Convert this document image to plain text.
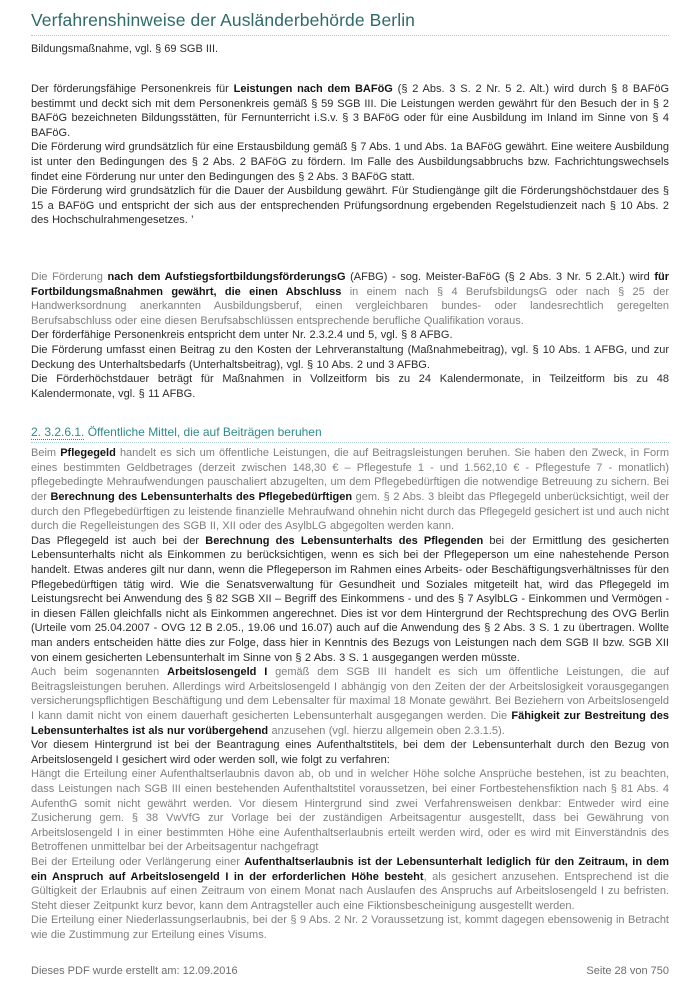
Verfahrenshinweise der Ausländerbehörde Berlin

Bildungsmaßnahme, vgl. § 69 SGB III.

Der förderungsfähige Personenkreis für Leistungen nach dem BAFöG (§ 2 Abs. 3 S. 2 Nr. 5 2. Alt.) wird durch § 8 BAFöG bestimmt und deckt sich mit dem Personenkreis gemäß § 59 SGB III. Die Leistungen werden gewährt für den Besuch der in § 2 BAFöG bezeichneten Bildungsstätten, für Fernunterricht i.S.v. § 3 BAFöG oder für eine Ausbildung im Inland im Sinne von § 4 BAFöG.

Die Förderung wird grundsätzlich für eine Erstausbildung gemäß § 7 Abs. 1 und Abs. 1a BAFöG gewährt. Eine weitere Ausbildung ist unter den Bedingungen des § 2 Abs. 2 BAFöG zu fördern. Im Falle des Ausbildungsabbruchs bzw. Fachrichtungswechsels findet eine Förderung nur unter den Bedingungen des § 2 Abs. 3 BAFöG statt.

Die Förderung wird grundsätzlich für die Dauer der Ausbildung gewährt. Für Studiengänge gilt die Förderungshöchstdauer des § 15 a BAFöG und entspricht der sich aus der entsprechenden Prüfungsordnung ergebenden Regelstudienzeit nach § 10 Abs. 2 des Hochschulrahmengesetzes. ’

Die Förderung nach dem AufstiegsfortbildungsförderungsG (AFBG) - sog. Meister-BaFöG (§ 2 Abs. 3 Nr. 5 2.Alt.) wird für Fortbildungsmaßnahmen gewährt, die einen Abschluss in einem nach § 4 BerufsbildungsG oder nach § 25 der Handwerksordnung anerkannten Ausbildungsberuf, einen vergleichbaren bundes- oder landesrechtlich geregelten Berufsabschluss oder eine diesen Berufsabschlüssen entsprechende berufliche Qualifikation voraus.

Der förderfähige Personenkreis entspricht dem unter Nr. 2.3.2.4 und 5, vgl. § 8 AFBG.

Die Förderung umfasst einen Beitrag zu den Kosten der Lehrveranstaltung (Maßnahmebeitrag), vgl. § 10 Abs. 1 AFBG, und zur Deckung des Unterhaltsbedarfs (Unterhaltsbeitrag), vgl. § 10 Abs. 2 und 3 AFBG.

Die Förderhöchstdauer beträgt für Maßnahmen in Vollzeitform bis zu 24 Kalendermonate, in Teilzeitform bis zu 48 Kalendermonate, vgl. § 11 AFBG.

2. 3.2.6.1. Öffentliche Mittel, die auf Beiträgen beruhen

Beim Pflegegeld handelt es sich um öffentliche Leistungen, die auf Beitragsleistungen beruhen. Sie haben den Zweck, in Form eines bestimmten Geldbetrages (derzeit zwischen 148,30 € – Pflegestufe 1 - und 1.562,10 € - Pflegestufe 7 - monatlich) pflegebedingte Mehraufwendungen pauschaliert abzugelten, um dem Pflegebedürftigen die notwendige Betreuung zu sichern. Bei der Berechnung des Lebensunterhalts des Pflegebedürftigen gem. § 2 Abs. 3 bleibt das Pflegegeld unberücksichtigt, weil der durch den Pflegebedürftigen zu leistende finanzielle Mehraufwand ohnehin nicht durch das Pflegegeld gesichert ist und auch nicht durch die Regelleistungen des SGB II, XII oder des AsylbLG abgegolten werden kann.

Das Pflegegeld ist auch bei der Berechnung des Lebensunterhalts des Pflegenden bei der Ermittlung des gesicherten Lebensunterhalts nicht als Einkommen zu berücksichtigen, wenn es sich bei der Pflegeperson um eine nahestehende Person handelt. Etwas anderes gilt nur dann, wenn die Pflegeperson im Rahmen eines Arbeits- oder Beschäftigungsverhältnisses für den Pflegebedürftigen tätig wird. Wie die Senatsverwaltung für Gesundheit und Soziales mitgeteilt hat, wird das Pflegegeld im Leistungsrecht bei Anwendung des § 82 SGB XII – Begriff des Einkommens - und des § 7 AsylbLG - Einkommen und Vermögen - in diesen Fällen gleichfalls nicht als Einkommen angerechnet. Dies ist vor dem Hintergrund der Rechtsprechung des OVG Berlin (Urteile vom 25.04.2007 - OVG 12 B 2.05., 19.06 und 16.07) auch auf die Anwendung des § 2 Abs. 3 S. 1 zu übertragen. Wollte man anders entscheiden hätte dies zur Folge, dass hier in Kenntnis des Bezugs von Leistungen nach dem SGB II bzw. SGB XII von einem gesicherten Lebensunterhalt im Sinne von § 2 Abs. 3 S. 1 ausgegangen werden müsste.

Auch beim sogenannten Arbeitslosengeld I gemäß dem SGB III handelt es sich um öffentliche Leistungen, die auf Beitragsleistungen beruhen. Allerdings wird Arbeitslosengeld I abhängig von den Zeiten der der Arbeitslosigkeit vorausgegangen versicherungspflichtigen Beschäftigung und dem Lebensalter für maximal 18 Monate gewährt. Bei Beziehern von Arbeitslosengeld I kann damit nicht von einem dauerhaft gesicherten Lebensunterhalt ausgegangen werden. Die Fähigkeit zur Bestreitung des Lebensunterhaltes ist als nur vorübergehend anzusehen (vgl. hierzu allgemein oben 2.3.1.5).

Vor diesem Hintergrund ist bei der Beantragung eines Aufenthaltstitels, bei dem der Lebensunterhalt durch den Bezug von Arbeitslosengeld I gesichert wird oder werden soll, wie folgt zu verfahren:

Hängt die Erteilung einer Aufenthaltserlaubnis davon ab, ob und in welcher Höhe solche Ansprüche bestehen, ist zu beachten, dass Leistungen nach SGB III einen bestehenden Aufenthaltstitel voraussetzen, bei einer Fortbestehensfiktion nach § 81 Abs. 4 AufenthG somit nicht gewährt werden. Vor diesem Hintergrund sind zwei Verfahrensweisen denkbar: Entweder wird eine Zusicherung gem. § 38 VwVfG zur Vorlage bei der zuständigen Arbeitsagentur ausgestellt, dass bei Gewährung von Arbeitslosengeld I in einer bestimmten Höhe eine Aufenthaltserlaubnis erteilt werden wird, oder es wird mit Einverständnis des Betroffenen unmittelbar bei der Arbeitsagentur nachgefragt

Bei der Erteilung oder Verlängerung einer Aufenthaltserlaubnis ist der Lebensunterhalt lediglich für den Zeitraum, in dem ein Anspruch auf Arbeitslosengeld I in der erforderlichen Höhe besteht, als gesichert anzusehen. Entsprechend ist die Gültigkeit der Erlaubnis auf einen Zeitraum von einem Monat nach Auslaufen des Anspruchs auf Arbeitslosengeld I zu befristen. Steht dieser Zeitpunkt kurz bevor, kann dem Antragsteller auch eine Fiktionsbescheinigung ausgestellt werden.

Die Erteilung einer Niederlassungserlaubnis, bei der § 9 Abs. 2 Nr. 2 Voraussetzung ist, kommt dagegen ebensowenig in Betracht wie die Zustimmung zur Erteilung eines Visums.

Dieses PDF wurde erstellt am: 12.09.2016	Seite 28 von 750
